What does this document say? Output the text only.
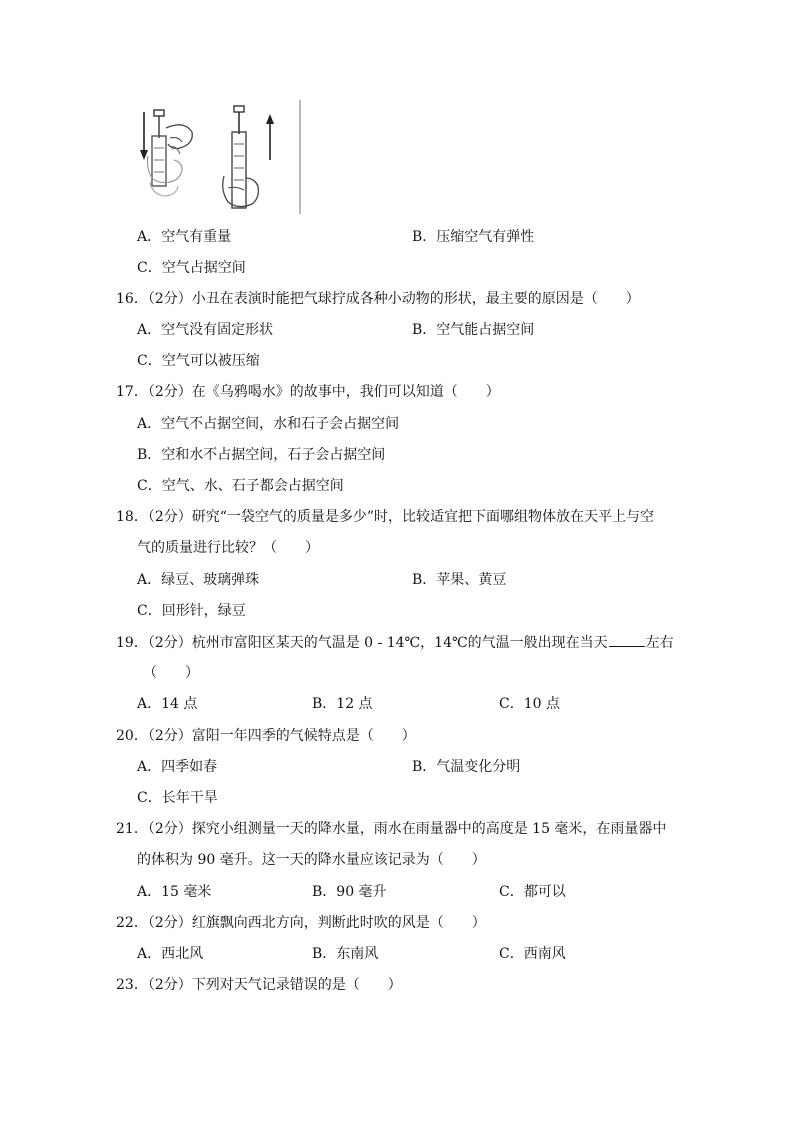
A．空气有重量	B．压缩空气有弹性
C．空气占据空间
16．（2分）小丑在表演时能把气球拧成各种小动物的形状，最主要的原因是（　　）
A．空气没有固定形状	B．空气能占据空间
C．空气可以被压缩
17．（2分）在《乌鸦喝水》的故事中，我们可以知道（　　）
A．空气不占据空间，水和石子会占据空间
B．空和水不占据空间，石子会占据空间
C．空气、水、石子都会占据空间
18．（2分）研究“一袋空气的质量是多少”时，比较适宜把下面哪组物体放在天平上与空
气的质量进行比较？（　　）
A．绿豆、玻璃弹珠	B．苹果、黄豆
C．回形针，绿豆
19．（2分）杭州市富阳区某天的气温是 0 - 14℃，14℃的气温一般出现在当天	左右
（　　）
A．14 点	B．12 点	C．10 点
20．（2分）富阳一年四季的气候特点是（　　）
A．四季如春	B．气温变化分明
C．长年干旱
21．（2分）探究小组测量一天的降水量，雨水在雨量器中的高度是 15 毫米，在雨量器中
的体积为 90 毫升。这一天的降水量应该记录为（　　）
A．15 毫米	B．90 毫升	C．都可以
22．（2分）红旗飘向西北方向，判断此时吹的风是（　　）
A．西北风	B．东南风	C．西南风
23．（2分）下列对天气记录错误的是（　　）
